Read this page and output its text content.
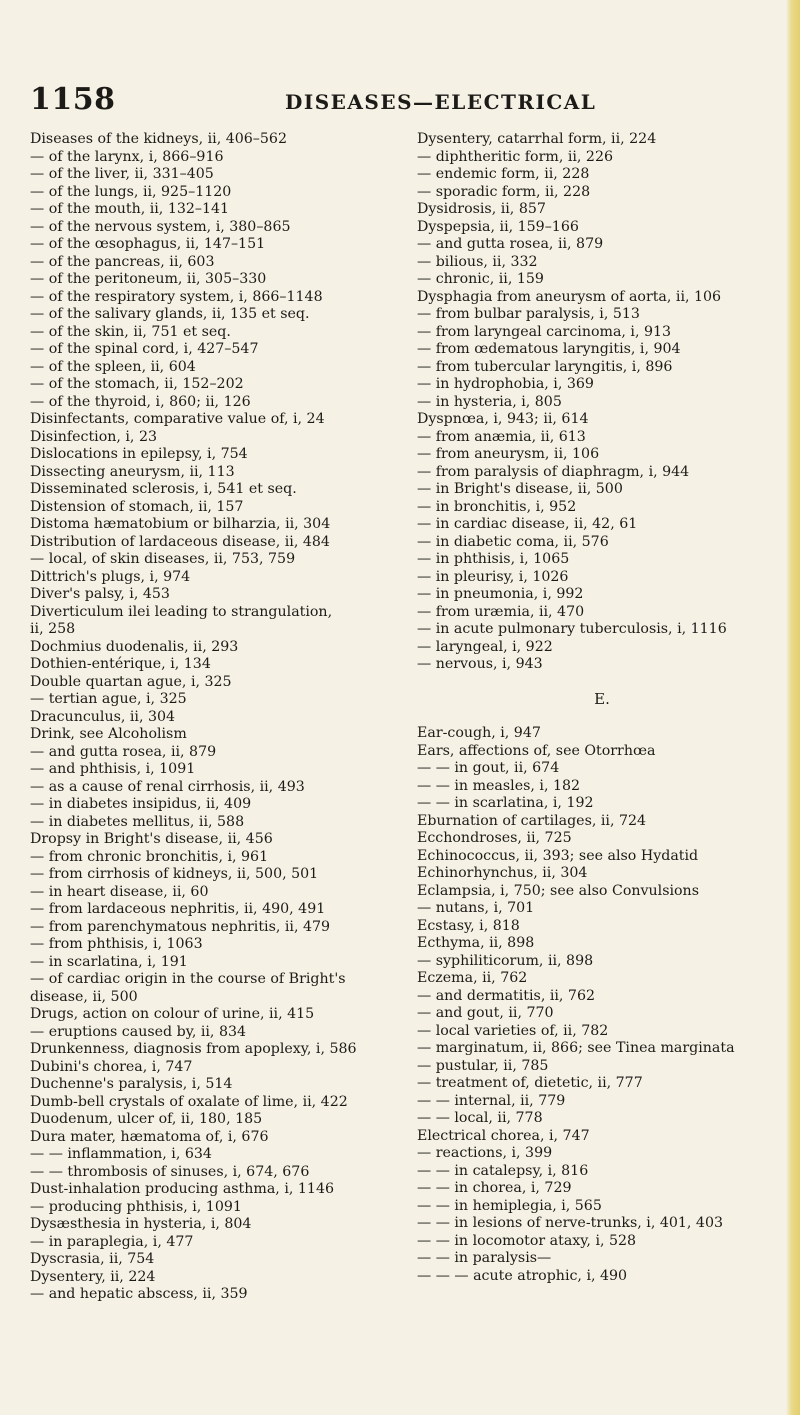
1158	DISEASES—ELECTRICAL
Diseases of the kidneys, ii, 406–562
— of the larynx, i, 866–916
— of the liver, ii, 331–405
— of the lungs, ii, 925–1120
— of the mouth, ii, 132–141
— of the nervous system, i, 380–865
— of the œsophagus, ii, 147–151
— of the pancreas, ii, 603
— of the peritoneum, ii, 305–330
— of the respiratory system, i, 866–1148
— of the salivary glands, ii, 135 et seq.
— of the skin, ii, 751 et seq.
— of the spinal cord, i, 427–547
— of the spleen, ii, 604
— of the stomach, ii, 152–202
— of the thyroid, i, 860; ii, 126
Disinfectants, comparative value of, i, 24
Disinfection, i, 23
Dislocations in epilepsy, i, 754
Dissecting aneurysm, ii, 113
Disseminated sclerosis, i, 541 et seq.
Distension of stomach, ii, 157
Distoma hæmatobium or bilharzia, ii, 304
Distribution of lardaceous disease, ii, 484
— local, of skin diseases, ii, 753, 759
Dittrich's plugs, i, 974
Diver's palsy, i, 453
Diverticulum ilei leading to strangulation,
ii, 258
Dochmius duodenalis, ii, 293
Dothien-entérique, i, 134
Double quartan ague, i, 325
— tertian ague, i, 325
Dracunculus, ii, 304
Drink, see Alcoholism
— and gutta rosea, ii, 879
— and phthisis, i, 1091
— as a cause of renal cirrhosis, ii, 493
— in diabetes insipidus, ii, 409
— in diabetes mellitus, ii, 588
Dropsy in Bright's disease, ii, 456
— from chronic bronchitis, i, 961
— from cirrhosis of kidneys, ii, 500, 501
— in heart disease, ii, 60
— from lardaceous nephritis, ii, 490, 491
— from parenchymatous nephritis, ii, 479
— from phthisis, i, 1063
— in scarlatina, i, 191
— of cardiac origin in the course of Bright's
disease, ii, 500
Drugs, action on colour of urine, ii, 415
— eruptions caused by, ii, 834
Drunkenness, diagnosis from apoplexy, i, 586
Dubini's chorea, i, 747
Duchenne's paralysis, i, 514
Dumb-bell crystals of oxalate of lime, ii, 422
Duodenum, ulcer of, ii, 180, 185
Dura mater, hæmatoma of, i, 676
— — inflammation, i, 634
— — thrombosis of sinuses, i, 674, 676
Dust-inhalation producing asthma, i, 1146
— producing phthisis, i, 1091
Dysæsthesia in hysteria, i, 804
— in paraplegia, i, 477
Dyscrasia, ii, 754
Dysentery, ii, 224
— and hepatic abscess, ii, 359
Dysentery, catarrhal form, ii, 224
— diphtheritic form, ii, 226
— endemic form, ii, 228
— sporadic form, ii, 228
Dysidrosis, ii, 857
Dyspepsia, ii, 159–166
— and gutta rosea, ii, 879
— bilious, ii, 332
— chronic, ii, 159
Dysphagia from aneurysm of aorta, ii, 106
— from bulbar paralysis, i, 513
— from laryngeal carcinoma, i, 913
— from œdematous laryngitis, i, 904
— from tubercular laryngitis, i, 896
— in hydrophobia, i, 369
— in hysteria, i, 805
Dyspnœa, i, 943; ii, 614
— from anæmia, ii, 613
— from aneurysm, ii, 106
— from paralysis of diaphragm, i, 944
— in Bright's disease, ii, 500
— in bronchitis, i, 952
— in cardiac disease, ii, 42, 61
— in diabetic coma, ii, 576
— in phthisis, i, 1065
— in pleurisy, i, 1026
— in pneumonia, i, 992
— from uræmia, ii, 470
— in acute pulmonary tuberculosis, i, 1116
— laryngeal, i, 922
— nervous, i, 943
E.
Ear-cough, i, 947
Ears, affections of, see Otorrhœa
— — in gout, ii, 674
— — in measles, i, 182
— — in scarlatina, i, 192
Eburnation of cartilages, ii, 724
Ecchondroses, ii, 725
Echinococcus, ii, 393; see also Hydatid
Echinorhynchus, ii, 304
Eclampsia, i, 750; see also Convulsions
— nutans, i, 701
Ecstasy, i, 818
Ecthyma, ii, 898
— syphiliticorum, ii, 898
Eczema, ii, 762
— and dermatitis, ii, 762
— and gout, ii, 770
— local varieties of, ii, 782
— marginatum, ii, 866; see Tinea marginata
— pustular, ii, 785
— treatment of, dietetic, ii, 777
— — internal, ii, 779
— — local, ii, 778
Electrical chorea, i, 747
— reactions, i, 399
— — in catalepsy, i, 816
— — in chorea, i, 729
— — in hemiplegia, i, 565
— — in lesions of nerve-trunks, i, 401, 403
— — in locomotor ataxy, i, 528
— — in paralysis—
— — — acute atrophic, i, 490
